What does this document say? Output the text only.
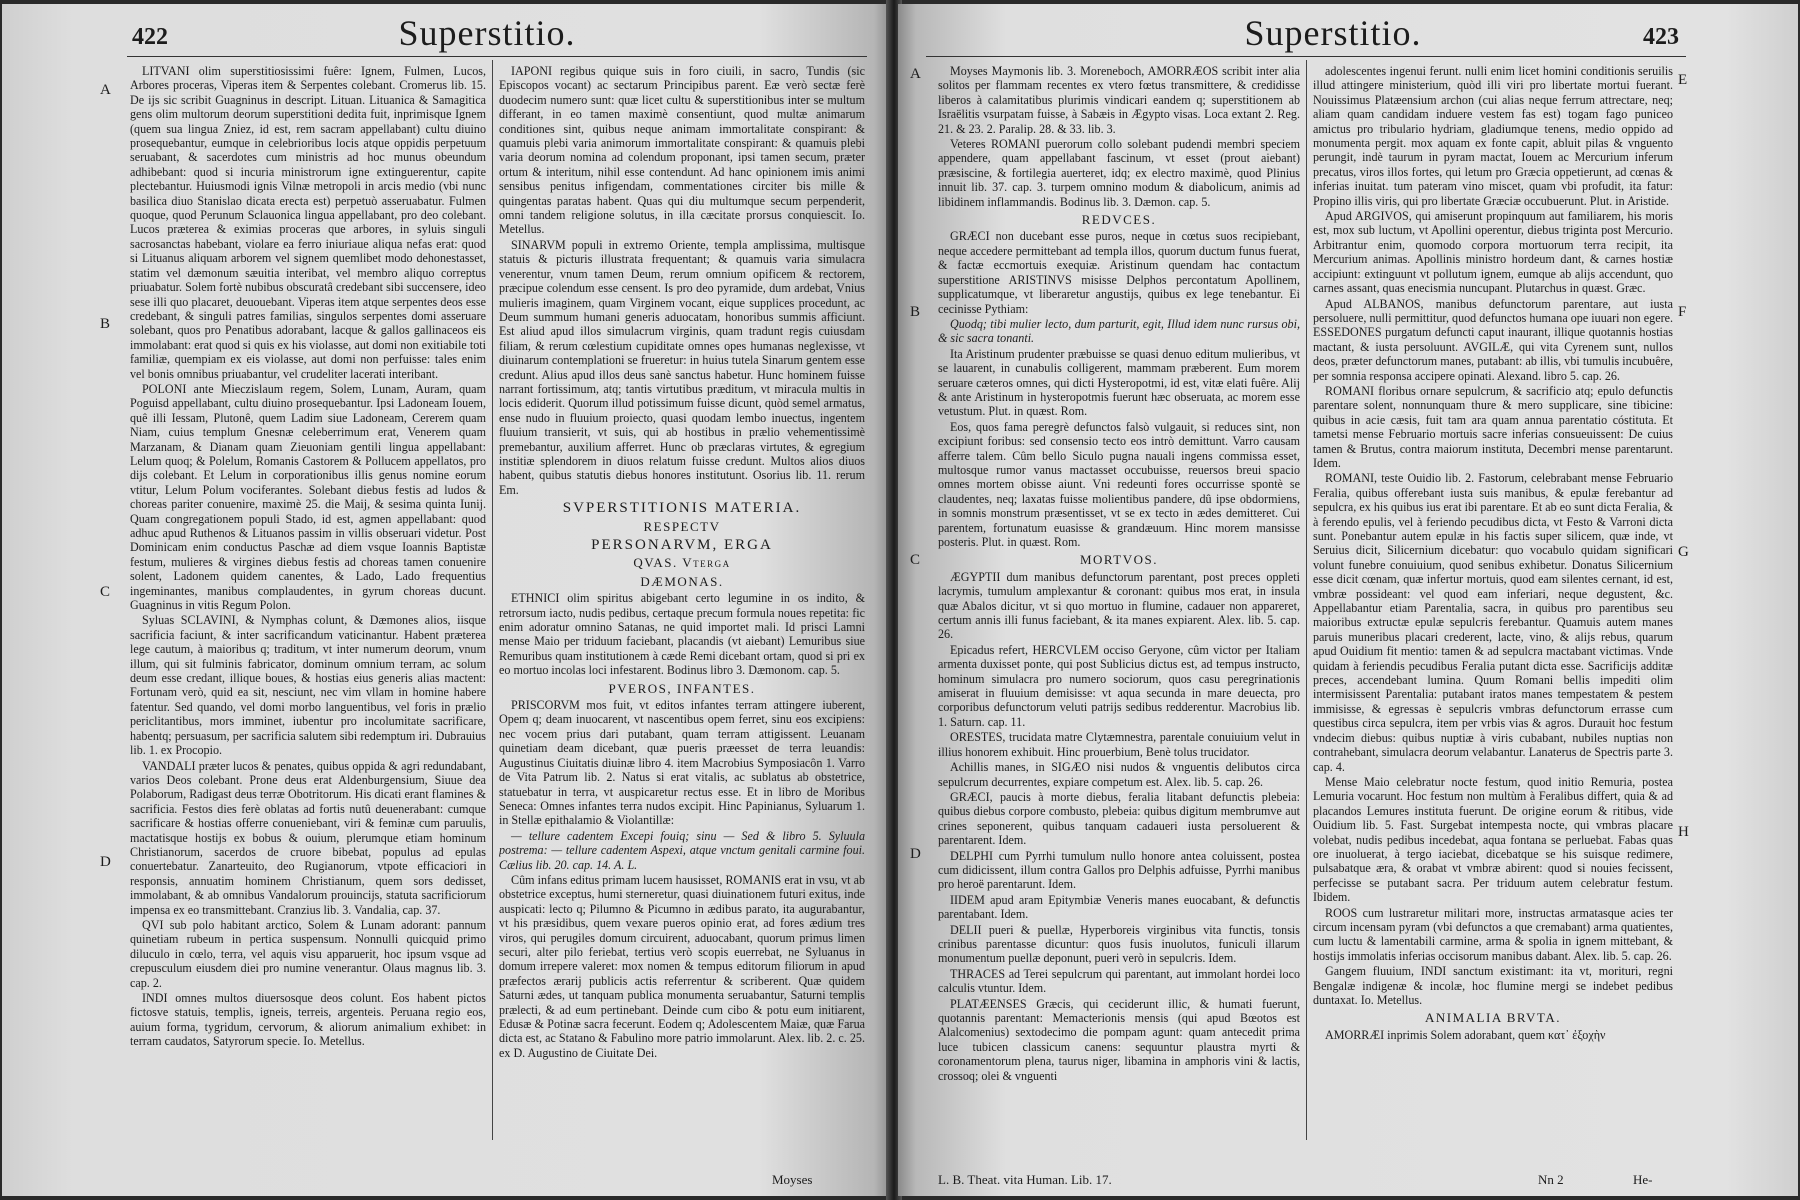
422	Superstitio.
A
B
C
D

LITVANI olim superstitiosissimi fuêre: Ignem, Fulmen, Lucos, Arbores proceras, Viperas item & Serpentes colebant. Cromerus lib. 15. De ijs sic scribit Guagninus in descript. Lituan. Lituanica & Samagitica gens olim multorum deorum superstitioni dedita fuit, inprimisque Ignem (quem sua lingua Zniez, id est, rem sacram appellabant) cultu diuino prosequebantur, eumque in celebrioribus locis atque oppidis perpetuum seruabant, & sacerdotes cum ministris ad hoc munus obeundum adhibebant: quod si incuria ministrorum igne extinguerentur, capite plectebantur. Huiusmodi ignis Vilnæ metropoli in arcis medio (vbi nunc basilica diuo Stanislao dicata erecta est) perpetuò asseruabatur. Fulmen quoque, quod Perunum Sclauonica lingua appellabant, pro deo colebant. Lucos præterea & eximias proceras que arbores, in syluis singuli sacrosanctas habebant, violare ea ferro iniuriaue aliqua nefas erat: quod si Lituanus aliquam arborem vel signem quemlibet modo dehonestasset, statim vel dæmonum sæuitia interibat, vel membro aliquo correptus priuabatur. Solem fortè nubibus obscuratâ credebant sibi succensere, ideo sese illi quo placaret, deuouebant. Viperas item atque serpentes deos esse credebant, & singuli patres familias, singulos serpentes domi asseruare solebant, quos pro Penatibus adorabant, lacque & gallos gallinaceos eis immolabant: erat quod si quis ex his violasse, aut domi non exitiabile toti familiæ, quempiam ex eis violasse, aut domi non perfuisse: tales enim vel bonis omnibus priuabantur, vel crudeliter lacerati interibant.

POLONI ante Mieczislaum regem, Solem, Lunam, Auram, quam Poguisd appellabant, cultu diuino prosequebantur. Ipsi Ladoneam Iouem, quê illi Iessam, Plutonê, quem Ladim siue Ladoneam, Cererem quam Niam, cuius templum Gnesnæ celeberrimum erat, Venerem quam Marzanam, & Dianam quam Zieuoniam gentili lingua appellabant: Lelum quoq; & Polelum, Romanis Castorem & Pollucem appellatos, pro dijs colebant. Et Lelum in corporationibus illis genus nomine eorum vtitur, Lelum Polum vociferantes. Solebant diebus festis ad ludos & choreas pariter conuenire, maximè 25. die Maij, & sesima quinta Iunij. Quam congregationem populi Stado, id est, agmen appellabant: quod adhuc apud Ruthenos & Lituanos passim in villis obseruari videtur. Post Dominicam enim conductus Paschæ ad diem vsque Ioannis Baptistæ festum, mulieres & virgines diebus festis ad choreas tamen conuenire solent, Ladonem quidem canentes, & Lado, Lado frequentius ingeminantes, manibus complaudentes, in gyrum choreas ducunt. Guagninus in vitis Regum Polon.

Syluas SCLAVINI, & Nymphas colunt, & Dæmones alios, iisque sacrificia faciunt, & inter sacrificandum vaticinantur. Habent præterea lege cautum, à maioribus q; traditum, vt inter numerum deorum, vnum illum, qui sit fulminis fabricator, dominum omnium terram, ac solum deum esse credant, illique boues, & hostias eius generis alias mactent: Fortunam verò, quid ea sit, nesciunt, nec vim vllam in homine habere fatentur. Sed quando, vel domi morbo languentibus, vel foris in prælio periclitantibus, mors imminet, iubentur pro incolumitate sacrificare, habentq; persuasum, per sacrificia salutem sibi redemptum iri. Dubrauius lib. 1. ex Procopio.

VANDALI præter lucos & penates, quibus oppida & agri redundabant, varios Deos colebant. Prone deus erat Aldenburgensium, Siuue dea Polaborum, Radigast deus terræ Obotritorum. His dicati erant flamines & sacrificia. Festos dies ferè oblatas ad fortis nutû deuenerabant: cumque sacrificare & hostias offerre conueniebant, viri & feminæ cum paruulis, mactatisque hostijs ex bobus & ouium, plerumque etiam hominum Christianorum, sacerdos de cruore bibebat, populus ad epulas conuertebatur. Zanarteuito, deo Rugianorum, vtpote efficaciori in responsis, annuatim hominem Christianum, quem sors dedisset, immolabant, & ab omnibus Vandalorum prouincijs, statuta sacrificiorum impensa ex eo transmittebant. Cranzius lib. 3. Vandalia, cap. 37.

QVI sub polo habitant arctico, Solem & Lunam adorant: pannum quinetiam rubeum in pertica suspensum. Nonnulli quicquid primo diluculo in cœlo, terra, vel aquis visu apparuerit, hoc ipsum vsque ad crepusculum eiusdem diei pro numine venerantur. Olaus magnus lib. 3. cap. 2.

INDI omnes multos diuersosque deos colunt. Eos habent pictos fictosve statuis, templis, igneis, terreis, argenteis. Peruana regio eos, auium forma, tygridum, cervorum, & aliorum animalium exhibet: in terram caudatos, Satyrorum specie. Io. Metellus.

IAPONI regibus quique suis in foro ciuili, in sacro, Tundis (sic Episcopos vocant) ac sectarum Principibus parent. Eæ verò sectæ ferè duodecim numero sunt: quæ licet cultu & superstitionibus inter se multum differant, in eo tamen maximè consentiunt, quod multæ animarum conditiones sint, quibus neque animam immortalitate conspirant: & quamuis plebi varia animorum immortalitate conspirant: & quamuis plebi varia deorum nomina ad colendum proponant, ipsi tamen secum, præter ortum & interitum, nihil esse contendunt. Ad hanc opinionem imis animi sensibus penitus infigendam, commentationes circiter bis mille & quingentas paratas habent. Quas qui diu multumque secum perpenderit, omni tandem religione solutus, in illa cæcitate prorsus conquiescit. Io. Metellus.

SINARVM populi in extremo Oriente, templa amplissima, multisque statuis & picturis illustrata frequentant; & quamuis varia simulacra venerentur, vnum tamen Deum, rerum omnium opificem & rectorem, præcipue colendum esse censent. Is pro deo pyramide, dum ardebat, Vnius mulieris imaginem, quam Virginem vocant, eique supplices procedunt, ac Deum summum humani generis aduocatam, honoribus summis afficiunt. Est aliud apud illos simulacrum virginis, quam tradunt regis cuiusdam filiam, & rerum cœlestium cupiditate omnes opes humanas neglexisse, vt diuinarum contemplationi se frueretur: in huius tutela Sinarum gentem esse credunt. Alius apud illos deus sanè sanctus habetur. Hunc hominem fuisse narrant fortissimum, atq; tantis virtutibus præditum, vt miracula multis in locis ediderit. Quorum illud potissimum fuisse dicunt, quòd semel armatus, ense nudo in fluuium proiecto, quasi quodam lembo inuectus, ingentem fluuium transierit, vt suis, qui ab hostibus in prælio vehementissimè premebantur, auxilium afferret. Hunc ob præclaras virtutes, & egregium institiæ splendorem in diuos relatum fuisse credunt. Multos alios diuos habent, quibus statutis diebus honores institutunt. Osorius lib. 11. rerum Em.

SVPERSTITIONIS MATERIA.
RESPECTV
PERSONARVM, ERGA
QVAS. Vterga
DÆMONAS.

ETHNICI olim spiritus abigebant certo legumine in os indito, & retrorsum iacto, nudis pedibus, certaque precum formula noues repetita: fic enim adoratur omnino Satanas, ne quid importet mali. Id prisci Lamni mense Maio per triduum faciebant, placandis (vt aiebant) Lemuribus siue Remuribus quam institutionem à cæde Remi dicebant ortam, quod si pri ex eo mortuo incolas loci infestarent. Bodinus libro 3. Dæmonom. cap. 5.

PVEROS, INFANTES.

PRISCORVM mos fuit, vt editos infantes terram attingere iuberent, Opem q; deam inuocarent, vt nascentibus opem ferret, sinu eos excipiens: nec vocem prius dari putabant, quam terram attigissent. Leuanam quinetiam deam dicebant, quæ pueris præesset de terra leuandis: Augustinus Ciuitatis diuinæ libro 4. item Macrobius Symposiacôn 1. Varro de Vita Patrum lib. 2. Natus si erat vitalis, ac sublatus ab obstetrice, statuebatur in terra, vt auspicaretur rectus esse. Et in libro de Moribus Seneca: Omnes infantes terra nudos excipit. Hinc Papinianus, Syluarum 1. in Stellæ epithalamio & Violantillæ:

— tellure cadentem Excepi fouiq; sinu — Sed & libro 5. Syluula postrema: — tellure cadentem Aspexi, atque vnctum genitali carmine foui. Cælius lib. 20. cap. 14. A. L.

Cûm infans editus primam lucem hausisset, ROMANIS erat in vsu, vt ab obstetrice exceptus, humi sterneretur, quasi diuinationem futuri exitus, inde auspicati: lecto q; Pilumno & Picumno in ædibus parato, ita augurabantur, vt his præsidibus, quem vexare pueros opinio erat, ad fores ædium tres viros, qui perugiles domum circuirent, aduocabant, quorum primus limen securi, alter pilo feriebat, tertius verò scopis euerrebat, ne Syluanus in domum irrepere valeret: mox nomen & tempus editorum filiorum in apud præfectos ærarij publicis actis referrentur & scriberent. Quæ quidem Saturni ædes, ut tanquam publica monumenta seruabantur, Saturni templis prælecti, & ad eum pertinebant. Deinde cum cibo & potu eum initiarent, Edusæ & Potinæ sacra fecerunt. Eodem q; Adolescentem Maiæ, quæ Farua dicta est, ac Statano & Fabulino more patrio immolarunt. Alex. lib. 2. c. 25. ex D. Augustino de Ciuitate Dei.

Moyses
Superstitio.	423
A
B
C
D
E
F
G
H

Moyses Maymonis lib. 3. Moreneboch, AMORRÆOS scribit inter alia solitos per flammam recentes ex vtero fœtus transmittere, & credidisse liberos à calamitatibus plurimis vindicari eandem q; superstitionem ab Israëlitis vsurpatam fuisse, à Sabæis in Ægypto visas. Loca extant 2. Reg. 21. & 23. 2. Paralip. 28. & 33. lib. 3.

Veteres ROMANI puerorum collo solebant pudendi membri speciem appendere, quam appellabant fascinum, vt esset (prout aiebant) præsiscine, & fortilegia auerteret, idq; ex electro maximè, quod Plinius innuit lib. 37. cap. 3. turpem omnino modum & diabolicum, animis ad libidinem inflammandis. Bodinus lib. 3. Dæmon. cap. 5.

REDVCES.

GRÆCI non ducebant esse puros, neque in cœtus suos recipiebant, neque accedere permittebant ad templa illos, quorum ductum funus fuerat, & factæ eccmortuis exequiæ. Aristinum quendam hac contactum superstitione ARISTINVS misisse Delphos percontatum Apollinem, supplicatumque, vt liberaretur angustijs, quibus ex lege tenebantur. Ei cecinisse Pythiam:

Quodq; tibi mulier lecto, dum parturit, egit, Illud idem nunc rursus obi, & sic sacra tonanti.

Ita Aristinum prudenter præbuisse se quasi denuo editum mulieribus, vt se lauarent, in cunabulis colligerent, mammam præberent. Eum morem seruare cæteros omnes, qui dicti Hysteropotmi, id est, vitæ elati fuêre. Alij & ante Aristinum in hysteropotmis fuerunt hæc obseruata, ac morem esse vetustum. Plut. in quæst. Rom.

Eos, quos fama peregrè defunctos falsò vulgauit, si reduces sint, non excipiunt foribus: sed consensio tecto eos intrò demittunt. Varro causam afferre talem. Cûm bello Siculo pugna nauali ingens commissa esset, multosque rumor vanus mactasset occubuisse, reuersos breui spacio omnes mortem obisse aiunt. Vni redeunti fores occurrisse spontè se claudentes, neq; laxatas fuisse molientibus pandere, dû ipse obdormiens, in somnis monstrum præsentisset, vt se ex tecto in ædes demitteret. Cui parentem, fortunatum euasisse & grandæuum. Hinc morem mansisse posteris. Plut. in quæst. Rom.

MORTVOS.

ÆGYPTII dum manibus defunctorum parentant, post preces oppleti lacrymis, tumulum amplexantur & coronant: quibus mos erat, in insula quæ Abalos dicitur, vt si quo mortuo in flumine, cadauer non appareret, certum annis illi funus faciebant, & ita manes expiarent. Alex. lib. 5. cap. 26.

Epicadus refert, HERCVLEM occiso Geryone, cûm victor per Italiam armenta duxisset ponte, qui post Sublicius dictus est, ad tempus instructo, hominum simulacra pro numero sociorum, quos casu peregrinationis amiserat in fluuium demisisse: vt aqua secunda in mare deuecta, pro corporibus defunctorum veluti patrijs sedibus redderentur. Macrobius lib. 1. Saturn. cap. 11.

ORESTES, trucidata matre Clytæmnestra, parentale conuiuium velut in illius honorem exhibuit. Hinc prouerbium, Benè tolus trucidator.

Achillis manes, in SIGÆO nisi nudos & vnguentis delibutos circa sepulcrum decurrentes, expiare competum est. Alex. lib. 5. cap. 26.

GRÆCI, paucis à morte diebus, feralia litabant defunctis plebeia: quibus diebus corpore combusto, plebeia: quibus digitum membrumve aut crines seponerent, quibus tanquam cadaueri iusta persoluerent & parentarent. Idem.

DELPHI cum Pyrrhi tumulum nullo honore antea coluissent, postea cum didicissent, illum contra Gallos pro Delphis adfuisse, Pyrrhi manibus pro heroë parentarunt. Idem.

IIDEM apud aram Epitymbiæ Veneris manes euocabant, & defunctis parentabant. Idem.

DELII pueri & puellæ, Hyperboreis virginibus vita functis, tonsis crinibus parentasse dicuntur: quos fusis inuolutos, funiculi illarum monumentum puellæ deponunt, pueri verò in sepulcris. Idem.

THRACES ad Terei sepulcrum qui parentant, aut immolant hordei loco calculis vtuntur. Idem.

PLATÆENSES Græcis, qui ceciderunt illic, & humati fuerunt, quotannis parentant: Memacterionis mensis (qui apud Bœotos est Alalcomenius) sextodecimo die pompam agunt: quam antecedit prima luce tubicen classicum canens: sequuntur plaustra myrti & coronamentorum plena, taurus niger, libamina in amphoris vini & lactis, crossoq; olei & vnguenti

adolescentes ingenui ferunt. nulli enim licet homini conditionis seruilis illud attingere ministerium, quòd illi viri pro libertate mortui fuerant. Nouissimus Platæensium archon (cui alias neque ferrum attrectare, neq; aliam quam candidam induere vestem fas est) togam fago puniceo amictus pro tribulario hydriam, gladiumque tenens, medio oppido ad monumenta pergit. mox aquam ex fonte capit, abluit pilas & vnguento perungit, indè taurum in pyram mactat, Iouem ac Mercurium inferum precatus, viros illos fortes, qui letum pro Græcia oppetierunt, ad cœnas & inferias inuitat. tum pateram vino miscet, quam vbi profudit, ita fatur: Propino illis viris, qui pro libertate Græciæ occubuerunt. Plut. in Aristide.

Apud ARGIVOS, qui amiserunt propinquum aut familiarem, his moris est, mox sub luctum, vt Apollini operentur, diebus triginta post Mercurio. Arbitrantur enim, quomodo corpora mortuorum terra recipit, ita Mercurium animas. Apollinis ministro hordeum dant, & carnes hostiæ accipiunt: extinguunt vt pollutum ignem, eumque ab alijs accendunt, quo carnes assant, quas enecismia nuncupant. Plutarchus in quæst. Græc.

Apud ALBANOS, manibus defunctorum parentare, aut iusta persoluere, nulli permittitur, quod defunctos humana ope iuuari non egere. ESSEDONES purgatum defuncti caput inaurant, illique quotannis hostias mactant, & iusta persoluunt. AVGILÆ, qui vita Cyrenem sunt, nullos deos, præter defunctorum manes, putabant: ab illis, vbi tumulis incubuêre, per somnia responsa accipere opinati. Alexand. libro 5. cap. 26.

ROMANI floribus ornare sepulcrum, & sacrificio atq; epulo defunctis parentare solent, nonnunquam thure & mero supplicare, sine tibicine: quibus in acie cæsis, fuit tam ara quam annua parentatio cóstituta. Et tametsi mense Februario mortuis sacre inferias consueuissent: De cuius tamen & Brutus, contra maiorum instituta, Decembri mense parentarunt. Idem.

ROMANI, teste Ouidio lib. 2. Fastorum, celebrabant mense Februario Feralia, quibus offerebant iusta suis manibus, & epulæ ferebantur ad sepulcra, ex his quibus ius erat ibi parentare. Et ab eo sunt dicta Feralia, & à ferendo epulis, vel à feriendo pecudibus dicta, vt Festo & Varroni dicta sunt. Ponebantur autem epulæ in his factis super silicem, quæ inde, vt Seruius dicit, Silicernium dicebatur: quo vocabulo quidam significari volunt funebre conuiuium, quod senibus exhibetur. Donatus Silicernium esse dicit cœnam, quæ infertur mortuis, quod eam silentes cernant, id est, vmbræ possideant: vel quod eam inferiari, neque degustent, &c. Appellabantur etiam Parentalia, sacra, in quibus pro parentibus seu maioribus extructæ epulæ sepulcris ferebantur. Quamuis autem manes paruis muneribus placari crederent, lacte, vino, & alijs rebus, quarum apud Ouidium fit mentio: tamen & ad sepulcra mactabant victimas. Vnde quidam à feriendis pecudibus Feralia putant dicta esse. Sacrificijs additæ preces, accendebant lumina. Quum Romani bellis impediti olim intermisissent Parentalia: putabant iratos manes tempestatem & pestem immisisse, & egressas è sepulcris vmbras defunctorum errasse cum questibus circa sepulcra, item per vrbis vias & agros. Durauit hoc festum vndecim diebus: quibus nuptiæ à viris cubabant, nubiles nuptias non contrahebant, simulacra deorum velabantur. Lanaterus de Spectris parte 3. cap. 4.

Mense Maio celebratur nocte festum, quod initio Remuria, postea Lemuria vocarunt. Hoc festum non multùm à Feralibus differt, quia & ad placandos Lemures instituta fuerunt. De origine eorum & ritibus, vide Ouidium lib. 5. Fast. Surgebat intempesta nocte, qui vmbras placare volebat, nudis pedibus incedebat, aqua fontana se perluebat. Fabas quas ore inuoluerat, à tergo iaciebat, dicebatque se his suisque redimere, pulsabatque æra, & orabat vt vmbræ abirent: quod si nouies fecissent, perfecisse se putabant sacra. Per triduum autem celebratur festum. Ibidem.

ROOS cum lustraretur militari more, instructas armatasque acies ter circum incensam pyram (vbi defunctos a que cremabant) arma quatientes, cum luctu & lamentabili carmine, arma & spolia in ignem mittebant, & hostijs immolatis inferias occisorum manibus dabant. Alex. lib. 5. cap. 26.

Gangem fluuium, INDI sanctum existimant: ita vt, morituri, regni Bengalæ indigenæ & incolæ, hoc flumine mergi se indebet pedibus duntaxat. Io. Metellus.

ANIMALIA BRVTA.

AMORRÆI inprimis Solem adorabant, quem κατ᾽ ἐξοχὴν

L. B. Theat. vita Human. Lib. 17.	Nn 2	He-
